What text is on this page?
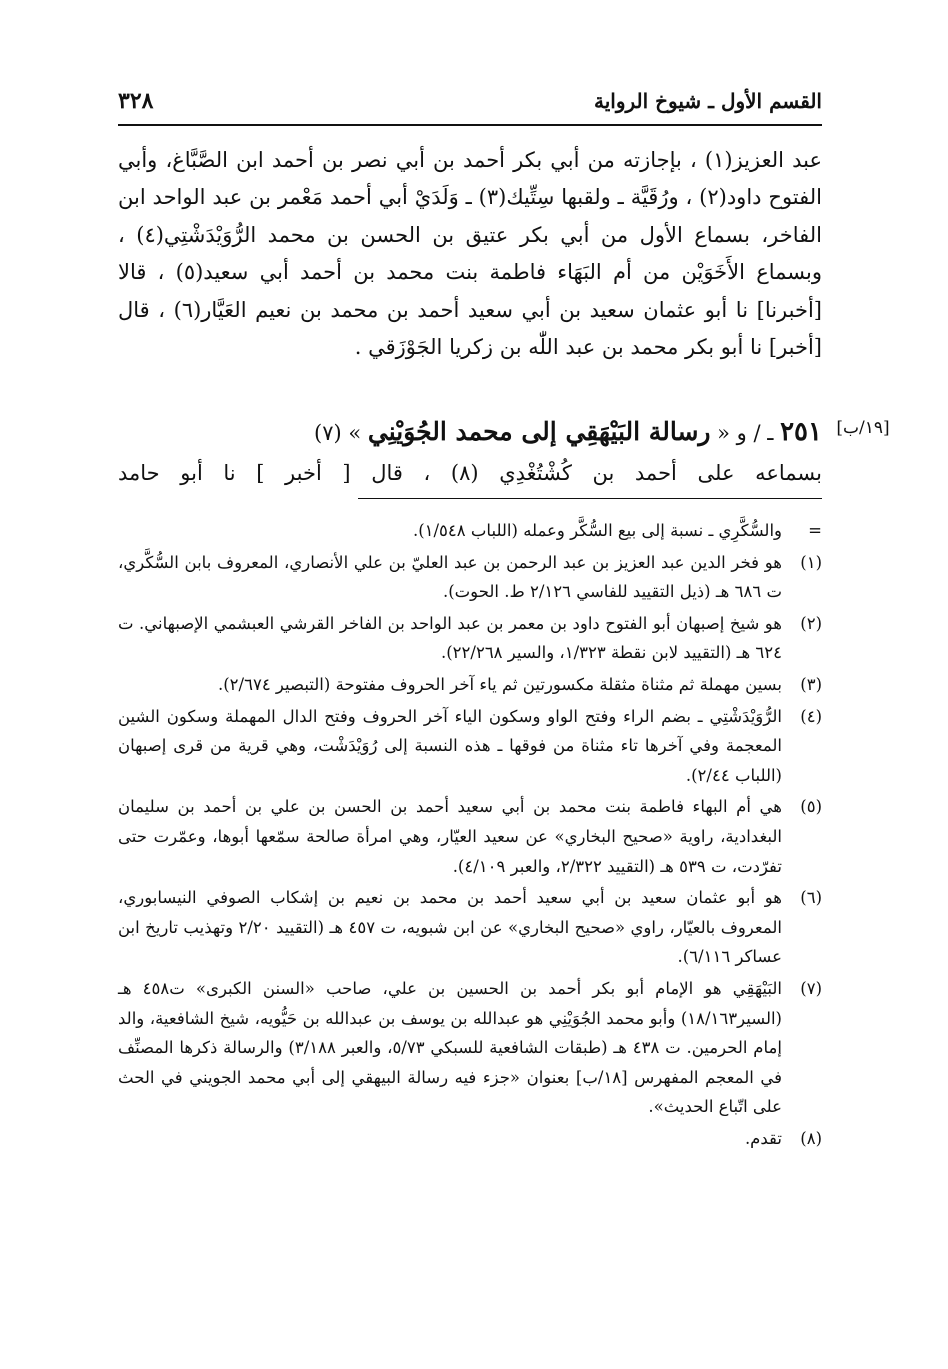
القسم الأول ـ شيوخ الرواية
٣٢٨

عبد العزيز(١) ، بإجازته من أبي بكر أحمد بن أبي نصر بن أحمد ابن الصَّبَّاغ، وأبي الفتوح داود(٢) ، ورُقَيَّة ـ ولقبها سِتِّيك(٣) ـ وَلَدَيْ أبي أحمد مَعْمر بن عبد الواحد ابن الفاخر، بسماع الأول من أبي بكر عتيق بن الحسن بن محمد الرُّوَيْدَشْتِي(٤) ، وبسماع الأَخَوَيْن من أم البَهَاء فاطمة بنت محمد بن أحمد أبي سعيد(٥) ، قالا [أخبرنا] نا أبو عثمان سعيد بن أبي سعيد أحمد بن محمد بن نعيم العَيَّار(٦) ، قال [أخبر] نا أبو بكر محمد بن عبد اللّٰه بن زكريا الجَوْزَقي .

٢٥١ ـ / و « رسالة البَيْهَقِي إلى محمد الجُوَيْنِي » (٧)
بسماعه على أحمد بن كُشْتُغْدِي (٨) ، قال [ أخبر ] نا أبو حامد
[١٩/ب]
=
والسُّكَّرِي ـ نسبة إلى بيع السُّكَّر وعمله (اللباب ١/٥٤٨).
(١)
هو فخر الدين عبد العزيز بن عبد الرحمن بن عبد العليّ بن علي الأنصاري، المعروف بابن السُّكَّري، ت ٦٨٦ هـ (ذيل التقييد للفاسي ٢/١٢٦ ط. الحوت).
(٢)
هو شيخ إصبهان أبو الفتوح داود بن معمر بن عبد الواحد بن الفاخر القرشي العبشمي الإصبهاني. ت ٦٢٤ هـ (التقييد لابن نقطة ١/٣٢٣، والسير ٢٢/٢٦٨).
(٣)
بسين مهملة ثم مثناة مثقلة مكسورتين ثم ياء آخر الحروف مفتوحة (التبصير ٢/٦٧٤).
(٤)
الرُّوَيْدَشْتِي ـ بضم الراء وفتح الواو وسكون الياء آخر الحروف وفتح الدال المهملة وسكون الشين المعجمة وفي آخرها تاء مثناة من فوقها ـ هذه النسبة إلى رُوَيْدَشْت، وهي قرية من قرى إصبهان (اللباب ٢/٤٤).
(٥)
هي أم البهاء فاطمة بنت محمد بن أبي سعيد أحمد بن الحسن بن علي بن أحمد بن سليمان البغدادية، راوية «صحيح البخاري» عن سعيد العيّار، وهي امرأة صالحة سمّعها أبوها، وعمّرت حتى تفرّدت، ت ٥٣٩ هـ (التقييد ٢/٣٢٢، والعبر ٤/١٠٩).
(٦)
هو أبو عثمان سعيد بن أبي سعيد أحمد بن محمد بن نعيم بن إشكاب الصوفي النيسابوري، المعروف بالعيّار، راوي «صحيح البخاري» عن ابن شبويه، ت ٤٥٧ هـ (التقييد ٢/٢٠ وتهذيب تاريخ ابن عساكر ٦/١١٦).
(٧)
البَيْهَقِي هو الإمام أبو بكر أحمد بن الحسين بن علي، صاحب «السنن الكبرى» ت٤٥٨ هـ (السير١٨/١٦٣) وأبو محمد الجُوَيْنِي هو عبدالله بن يوسف بن عبدالله بن حَيُّويه، شيخ الشافعية، والد إمام الحرمين. ت ٤٣٨ هـ (طبقات الشافعية للسبكي ٥/٧٣، والعبر ٣/١٨٨) والرسالة ذكرها المصنِّف في المعجم المفهرس [١٨/ب] بعنوان «جزء فيه رسالة البيهقي إلى أبي محمد الجويني في الحث على اتّباع الحديث».
(٨)
تقدم.
